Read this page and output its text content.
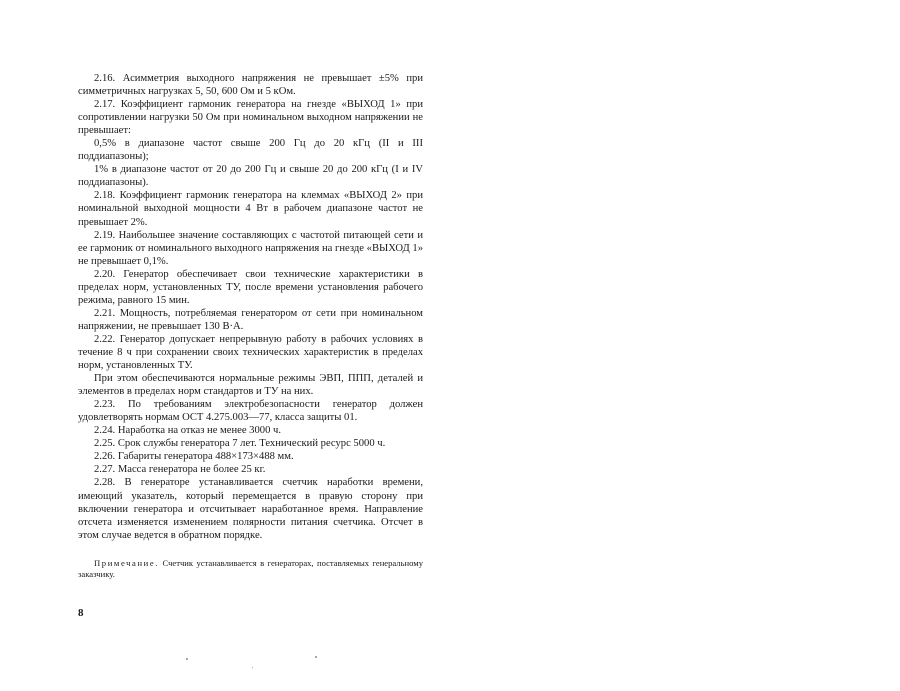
2.16. Асимметрия выходного напряжения не превышает ±5% при симметричных нагрузках 5, 50, 600 Ом и 5 кОм.

2.17. Коэффициент гармоник генератора на гнезде «ВЫХОД 1» при сопротивлении нагрузки 50 Ом при номинальном выходном напряжении не превышает:

0,5% в диапазоне частот свыше 200 Гц до 20 кГц (II и III поддиапазоны);

1% в диапазоне частот от 20 до 200 Гц и свыше 20 до 200 кГц (I и IV поддиапазоны).

2.18. Коэффициент гармоник генератора на клеммах «ВЫХОД 2» при номинальной выходной мощности 4 Вт в рабочем диапазоне частот не превышает 2%.

2.19. Наибольшее значение составляющих с частотой питающей сети и ее гармоник от номинального выходного напряжения на гнезде «ВЫХОД 1» не превышает 0,1%.

2.20. Генератор обеспечивает свои технические характеристики в пределах норм, установленных ТУ, после времени установления рабочего режима, равного 15 мин.

2.21. Мощность, потребляемая генератором от сети при номинальном напряжении, не превышает 130 В·А.

2.22. Генератор допускает непрерывную работу в рабочих условиях в течение 8 ч при сохранении своих технических характеристик в пределах норм, установленных ТУ.

При этом обеспечиваются нормальные режимы ЭВП, ППП, деталей и элементов в пределах норм стандартов и ТУ на них.

2.23. По требованиям электробезопасности генератор должен удовлетворять нормам ОСТ 4.275.003—77, класса защиты 01.

2.24. Наработка на отказ не менее 3000 ч.

2.25. Срок службы генератора 7 лет. Технический ресурс 5000 ч.

2.26. Габариты генератора 488×173×488 мм.

2.27. Масса генератора не более 25 кг.

2.28. В генераторе устанавливается счетчик наработки времени, имеющий указатель, который перемещается в правую сторону при включении генератора и отсчитывает наработанное время. Направление отсчета изменяется изменением полярности питания счетчика. Отсчет в этом случае ведется в обратном порядке.

Примечание. Счетчик устанавливается в генераторах, поставляемых генеральному заказчику.

8
